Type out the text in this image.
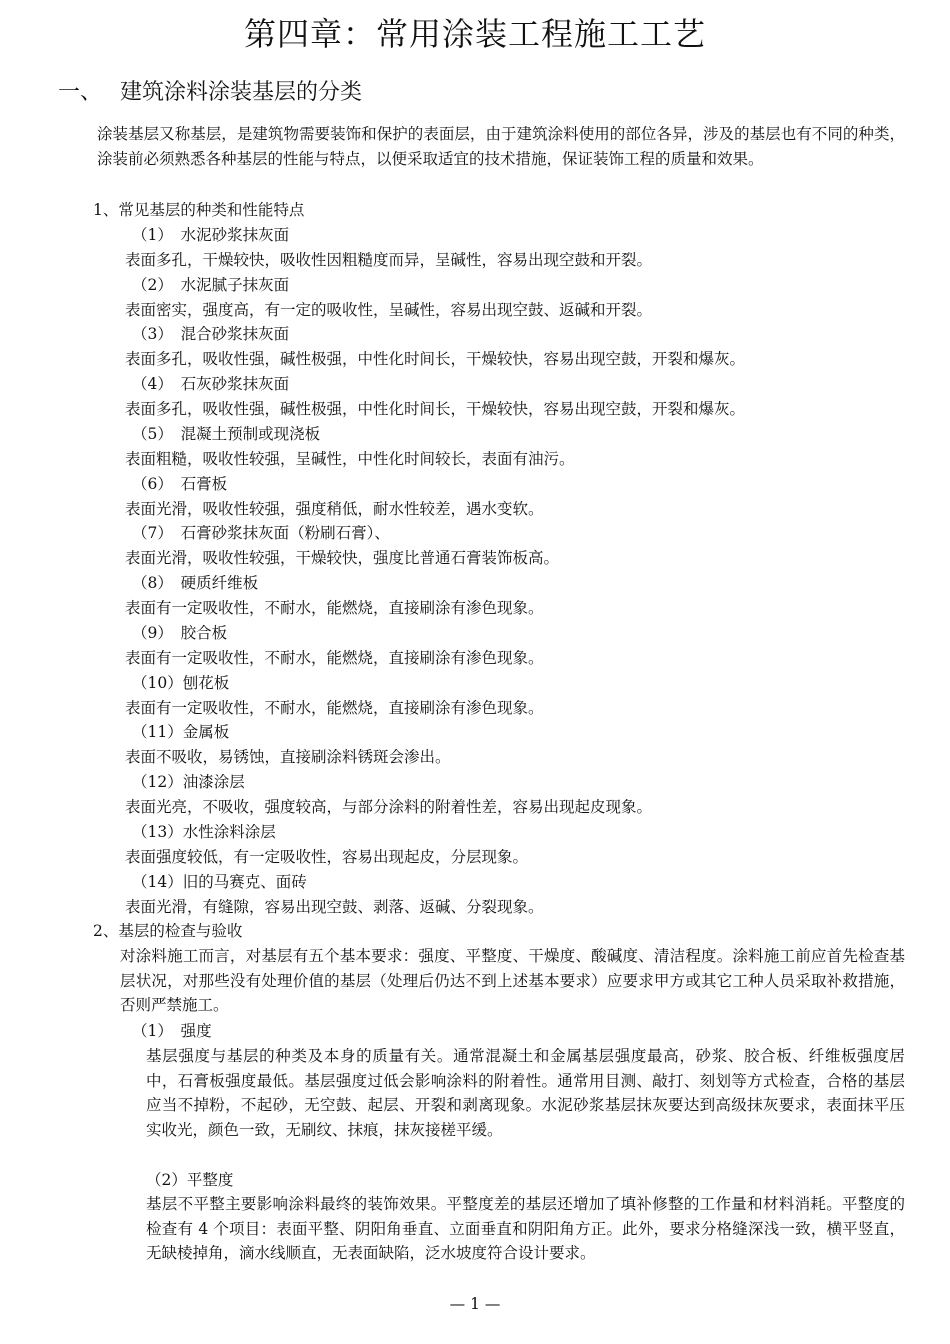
第四章：常用涂装工程施工工艺
一、 建筑涂料涂装基层的分类
涂装基层又称基层，是建筑物需要装饰和保护的表面层，由于建筑涂料使用的部位各异，涉及的基层也有不同的种类，涂装前必须熟悉各种基层的性能与特点，以便采取适宜的技术措施，保证装饰工程的质量和效果。
1、常见基层的种类和性能特点
（1）　水泥砂浆抹灰面
表面多孔，干燥较快，吸收性因粗糙度而异，呈碱性，容易出现空鼓和开裂。
（2）　水泥腻子抹灰面
表面密实，强度高，有一定的吸收性，呈碱性，容易出现空鼓、返碱和开裂。
（3）　混合砂浆抹灰面
表面多孔，吸收性强，碱性极强，中性化时间长，干燥较快，容易出现空鼓，开裂和爆灰。
（4）　石灰砂浆抹灰面
表面多孔，吸收性强，碱性极强，中性化时间长，干燥较快，容易出现空鼓，开裂和爆灰。
（5）　混凝土预制或现浇板
表面粗糙，吸收性较强，呈碱性，中性化时间较长，表面有油污。
（6）　石膏板
表面光滑，吸收性较强，强度稍低，耐水性较差，遇水变软。
（7）　石膏砂浆抹灰面（粉刷石膏）、
表面光滑，吸收性较强，干燥较快，强度比普通石膏装饰板高。
（8）　硬质纤维板
表面有一定吸收性，不耐水，能燃烧，直接刷涂有渗色现象。
（9）　胶合板
表面有一定吸收性，不耐水，能燃烧，直接刷涂有渗色现象。
（10）刨花板
表面有一定吸收性，不耐水，能燃烧，直接刷涂有渗色现象。
（11）金属板
表面不吸收，易锈蚀，直接刷涂料锈斑会渗出。
（12）油漆涂层
表面光亮，不吸收，强度较高，与部分涂料的附着性差，容易出现起皮现象。
（13）水性涂料涂层
表面强度较低，有一定吸收性，容易出现起皮，分层现象。
（14）旧的马赛克、面砖
表面光滑，有缝隙，容易出现空鼓、剥落、返碱、分裂现象。
2、基层的检查与验收
对涂料施工而言，对基层有五个基本要求：强度、平整度、干燥度、酸碱度、清洁程度。涂料施工前应首先检查基层状况，对那些没有处理价值的基层（处理后仍达不到上述基本要求）应要求甲方或其它工种人员采取补救措施，否则严禁施工。
（1）　强度
基层强度与基层的种类及本身的质量有关。通常混凝土和金属基层强度最高，砂浆、胶合板、纤维板强度居中，石膏板强度最低。基层强度过低会影响涂料的附着性。通常用目测、敲打、刻划等方式检查，合格的基层应当不掉粉，不起砂，无空鼓、起层、开裂和剥离现象。水泥砂浆基层抹灰要达到高级抹灰要求，表面抹平压实收光，颜色一致，无刷纹、抹痕，抹灰接槎平缓。
（2）平整度
基层不平整主要影响涂料最终的装饰效果。平整度差的基层还增加了填补修整的工作量和材料消耗。平整度的检查有 4 个项目：表面平整、阴阳角垂直、立面垂直和阴阳角方正。此外，要求分格缝深浅一致，横平竖直，无缺棱掉角，滴水线顺直，无表面缺陷，泛水坡度符合设计要求。
— 1 —
